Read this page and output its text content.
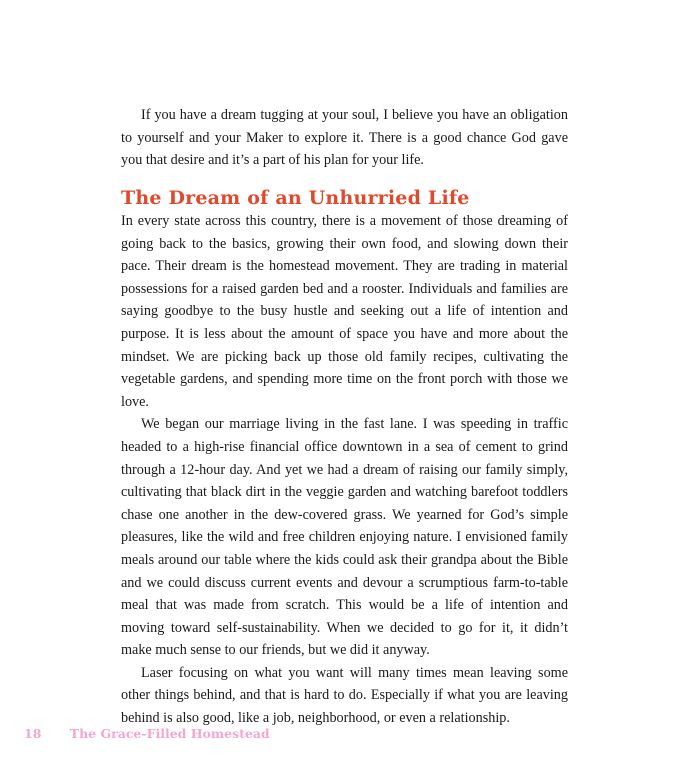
If you have a dream tugging at your soul, I believe you have an obligation to yourself and your Maker to explore it. There is a good chance God gave you that desire and it’s a part of his plan for your life.

The Dream of an Unhurried Life

In every state across this country, there is a movement of those dreaming of going back to the basics, growing their own food, and slowing down their pace. Their dream is the homestead movement. They are trading in material possessions for a raised garden bed and a rooster. Individuals and families are saying goodbye to the busy hustle and seeking out a life of intention and purpose. It is less about the amount of space you have and more about the mindset. We are picking back up those old family recipes, cultivating the vegetable gardens, and spending more time on the front porch with those we love.

We began our marriage living in the fast lane. I was speeding in traffic headed to a high-rise financial office downtown in a sea of cement to grind through a 12-hour day. And yet we had a dream of raising our family simply, cultivating that black dirt in the veggie garden and watching barefoot toddlers chase one another in the dew-covered grass. We yearned for God’s simple pleasures, like the wild and free children enjoying nature. I envisioned family meals around our table where the kids could ask their grandpa about the Bible and we could discuss current events and devour a scrumptious farm-to-table meal that was made from scratch. This would be a life of intention and moving toward self-sustainability. When we decided to go for it, it didn’t make much sense to our friends, but we did it anyway.

Laser focusing on what you want will many times mean leaving some other things behind, and that is hard to do. Especially if what you are leaving behind is also good, like a job, neighborhood, or even a relationship.

18 The Grace-Filled Homestead
